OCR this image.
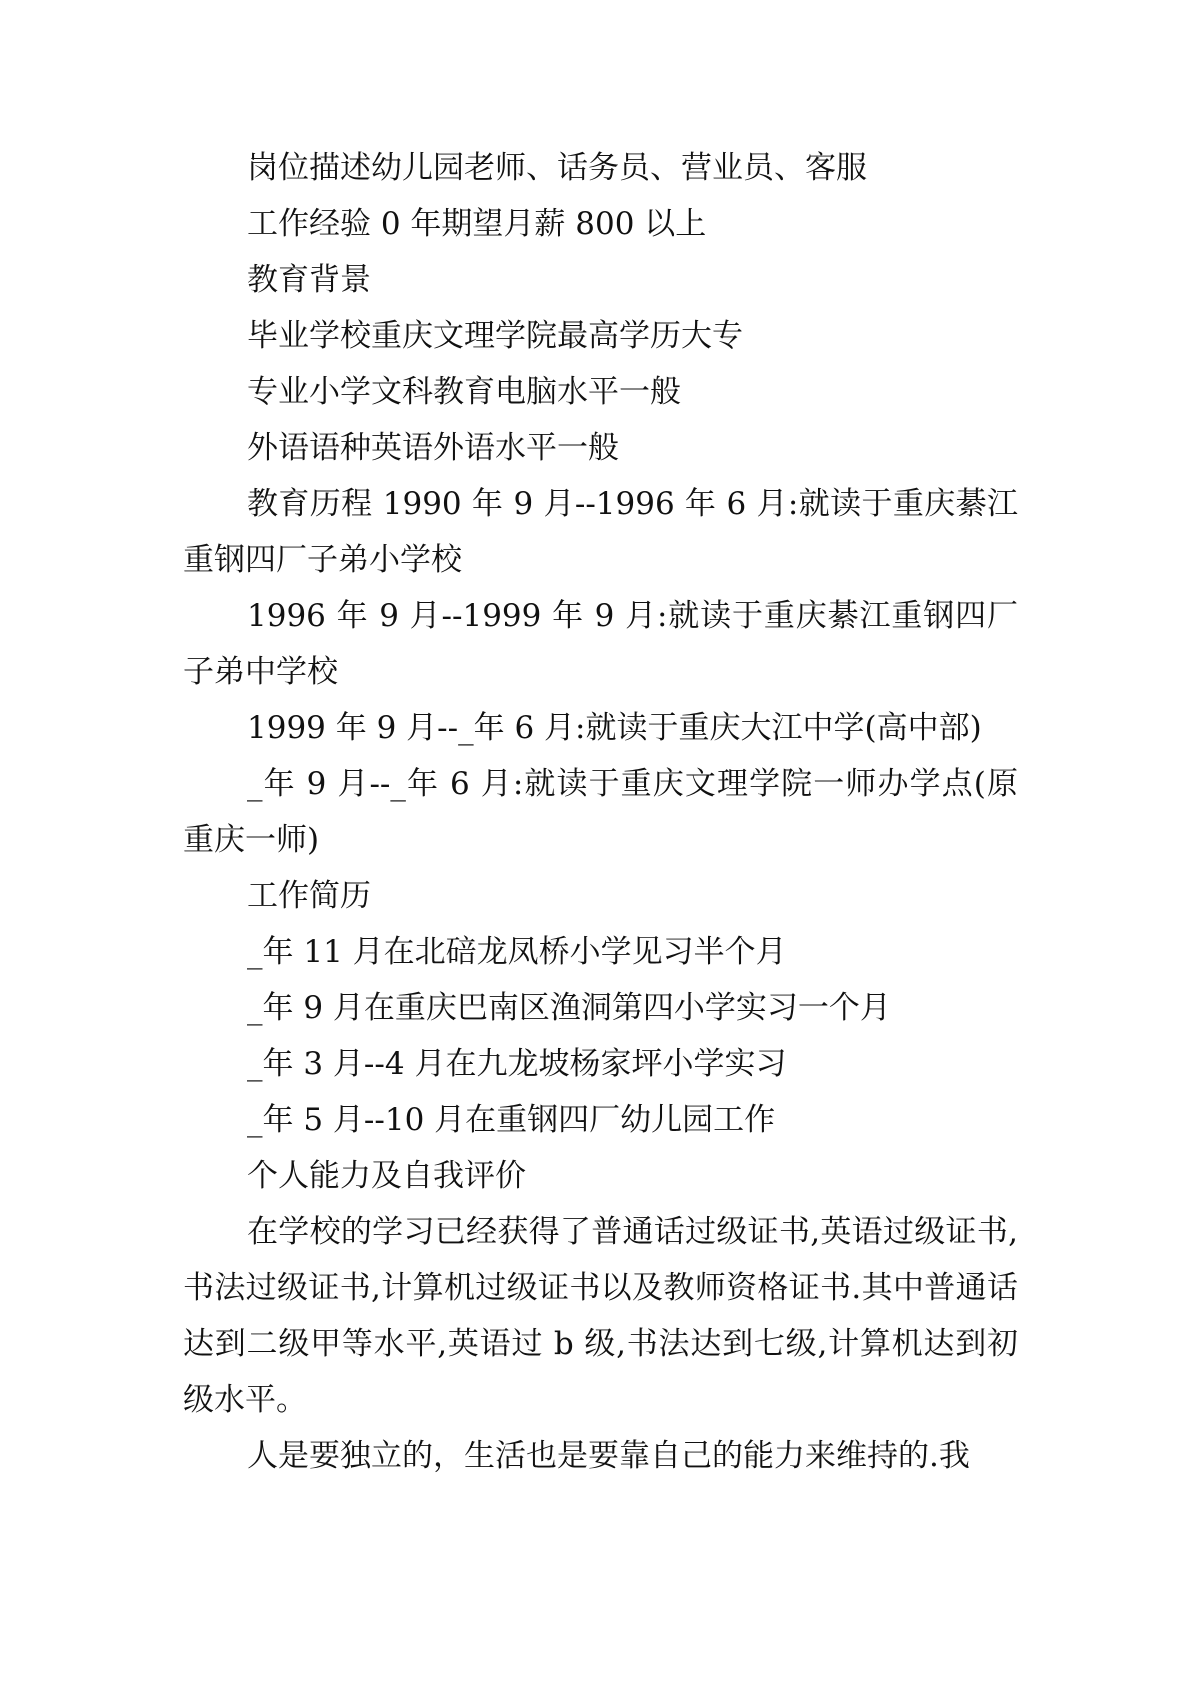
岗位描述幼儿园老师、话务员、营业员、客服

工作经验 0 年期望月薪 800 以上

教育背景

毕业学校重庆文理学院最高学历大专

专业小学文科教育电脑水平一般

外语语种英语外语水平一般

教育历程 1990 年 9 月--1996 年 6 月:就读于重庆綦江重钢四厂子弟小学校

1996 年 9 月--1999 年 9 月:就读于重庆綦江重钢四厂子弟中学校

1999 年 9 月--_年 6 月:就读于重庆大江中学(高中部)

_年 9 月--_年 6 月:就读于重庆文理学院一师办学点(原重庆一师)

工作简历

_年 11 月在北碚龙凤桥小学见习半个月

_年 9 月在重庆巴南区渔洞第四小学实习一个月

_年 3 月--4 月在九龙坡杨家坪小学实习

_年 5 月--10 月在重钢四厂幼儿园工作

个人能力及自我评价

在学校的学习已经获得了普通话过级证书,英语过级证书,书法过级证书,计算机过级证书以及教师资格证书.其中普通话达到二级甲等水平,英语过 b 级,书法达到七级,计算机达到初级水平。

人是要独立的，生活也是要靠自己的能力来维持的.我
